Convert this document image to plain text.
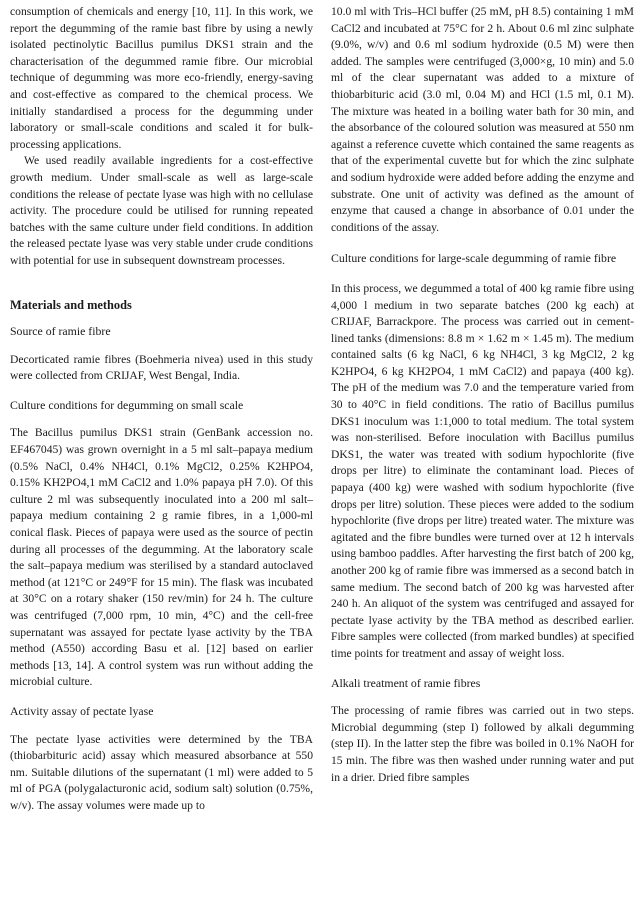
consumption of chemicals and energy [10, 11]. In this work, we report the degumming of the ramie bast fibre by using a newly isolated pectinolytic Bacillus pumilus DKS1 strain and the characterisation of the degummed ramie fibre. Our microbial technique of degumming was more eco-friendly, energy-saving and cost-effective as compared to the chemical process. We initially standardised a process for the degumming under laboratory or small-scale conditions and scaled it for bulk-processing applications.

We used readily available ingredients for a cost-effective growth medium. Under small-scale as well as large-scale conditions the release of pectate lyase was high with no cellulase activity. The procedure could be utilised for running repeated batches with the same culture under field conditions. In addition the released pectate lyase was very stable under crude conditions with potential for use in subsequent downstream processes.

Materials and methods
Source of ramie fibre

Decorticated ramie fibres (Boehmeria nivea) used in this study were collected from CRIJAF, West Bengal, India.

Culture conditions for degumming on small scale

The Bacillus pumilus DKS1 strain (GenBank accession no. EF467045) was grown overnight in a 5 ml salt–papaya medium (0.5% NaCl, 0.4% NH4Cl, 0.1% MgCl2, 0.25% K2HPO4, 0.15% KH2PO4,1 mM CaCl2 and 1.0% papaya pH 7.0). Of this culture 2 ml was subsequently inoculated into a 200 ml salt–papaya medium containing 2 g ramie fibres, in a 1,000-ml conical flask. Pieces of papaya were used as the source of pectin during all processes of the degumming. At the laboratory scale the salt–papaya medium was sterilised by a standard autoclaved method (at 121°C or 249°F for 15 min). The flask was incubated at 30°C on a rotary shaker (150 rev/min) for 24 h. The culture was centrifuged (7,000 rpm, 10 min, 4°C) and the cell-free supernatant was assayed for pectate lyase activity by the TBA method (A550) according Basu et al. [12] based on earlier methods [13, 14]. A control system was run without adding the microbial culture.

Activity assay of pectate lyase

The pectate lyase activities were determined by the TBA (thiobarbituric acid) assay which measured absorbance at 550 nm. Suitable dilutions of the supernatant (1 ml) were added to 5 ml of PGA (polygalacturonic acid, sodium salt) solution (0.75%, w/v). The assay volumes were made up to

10.0 ml with Tris–HCl buffer (25 mM, pH 8.5) containing 1 mM CaCl2 and incubated at 75°C for 2 h. About 0.6 ml zinc sulphate (9.0%, w/v) and 0.6 ml sodium hydroxide (0.5 M) were then added. The samples were centrifuged (3,000×g, 10 min) and 5.0 ml of the clear supernatant was added to a mixture of thiobarbituric acid (3.0 ml, 0.04 M) and HCl (1.5 ml, 0.1 M). The mixture was heated in a boiling water bath for 30 min, and the absorbance of the coloured solution was measured at 550 nm against a reference cuvette which contained the same reagents as that of the experimental cuvette but for which the zinc sulphate and sodium hydroxide were added before adding the enzyme and substrate. One unit of activity was defined as the amount of enzyme that caused a change in absorbance of 0.01 under the conditions of the assay.

Culture conditions for large-scale degumming of ramie fibre

In this process, we degummed a total of 400 kg ramie fibre using 4,000 l medium in two separate batches (200 kg each) at CRIJAF, Barrackpore. The process was carried out in cement-lined tanks (dimensions: 8.8 m × 1.62 m × 1.45 m). The medium contained salts (6 kg NaCl, 6 kg NH4Cl, 3 kg MgCl2, 2 kg K2HPO4, 6 kg KH2PO4, 1 mM CaCl2) and papaya (400 kg). The pH of the medium was 7.0 and the temperature varied from 30 to 40°C in field conditions. The ratio of Bacillus pumilus DKS1 inoculum was 1:1,000 to total medium. The total system was non-sterilised. Before inoculation with Bacillus pumilus DKS1, the water was treated with sodium hypochlorite (five drops per litre) to eliminate the contaminant load. Pieces of papaya (400 kg) were washed with sodium hypochlorite (five drops per litre) solution. These pieces were added to the sodium hypochlorite (five drops per litre) treated water. The mixture was agitated and the fibre bundles were turned over at 12 h intervals using bamboo paddles. After harvesting the first batch of 200 kg, another 200 kg of ramie fibre was immersed as a second batch in same medium. The second batch of 200 kg was harvested after 240 h. An aliquot of the system was centrifuged and assayed for pectate lyase activity by the TBA method as described earlier. Fibre samples were collected (from marked bundles) at specified time points for treatment and assay of weight loss.

Alkali treatment of ramie fibres

The processing of ramie fibres was carried out in two steps. Microbial degumming (step I) followed by alkali degumming (step II). In the latter step the fibre was boiled in 0.1% NaOH for 15 min. The fibre was then washed under running water and put in a drier. Dried fibre samples
